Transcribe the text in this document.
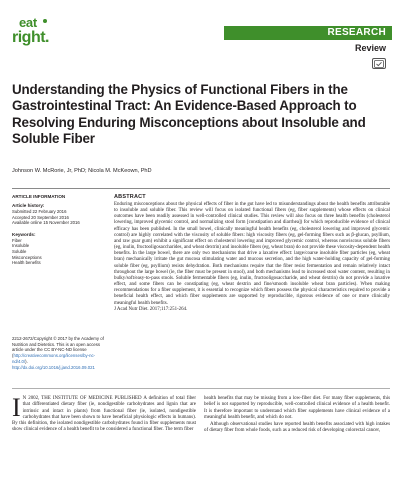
eat
right.	RESEARCH
Review
Understanding the Physics of Functional Fibers in the Gastrointestinal Tract: An Evidence-Based Approach to Resolving Enduring Misconceptions about Insoluble and Soluble Fiber
Johnson W. McRorie, Jr, PhD; Nicola M. McKeown, PhD
ARTICLE INFORMATION
Article history:
Submitted 22 February 2016
Accepted 20 September 2016
Available online 15 November 2016
Keywords:
Fiber
Insoluble
Soluble
Misconceptions
Health benefits
2212-2672/Copyright © 2017 by the Academy of Nutrition and Dietetics. This is an open access article under the CC BY-NC-ND license (http://creativecommons.org/licenses/by-nc-nd/4.0/).
http://dx.doi.org/10.1016/j.jand.2016.09.021
ABSTRACT
Enduring misconceptions about the physical effects of fiber in the gut have led to misunderstandings about the health benefits attributable to insoluble and soluble fiber. This review will focus on isolated functional fibers (eg, fiber supplements) whose effects on clinical outcomes have been readily assessed in well-controlled clinical studies. This review will also focus on three health benefits (cholesterol lowering, improved glycemic control, and normalizing stool form [constipation and diarrhea]) for which reproducible evidence of clinical efficacy has been published. In the small bowel, clinically meaningful health benefits (eg, cholesterol lowering and improved glycemic control) are highly correlated with the viscosity of soluble fibers: high viscosity fibers (eg, gel-forming fibers such as β-glucan, psyllium, and raw guar gum) exhibit a significant effect on cholesterol lowering and improved glycemic control, whereas nonviscous soluble fibers (eg, inulin, fructooligosaccharides, and wheat dextrin) and insoluble fibers (eg, wheat bran) do not provide these viscosity-dependent health benefits. In the large bowel, there are only two mechanisms that drive a laxative effect: large/coarse insoluble fiber particles (eg, wheat bran) mechanically irritate the gut mucosa stimulating water and mucous secretion, and the high water-holding capacity of gel-forming soluble fiber (eg, psyllium) resists dehydration. Both mechanisms require that the fiber resist fermentation and remain relatively intact throughout the large bowel (ie, the fiber must be present in stool), and both mechanisms lead to increased stool water content, resulting in bulky/soft/easy-to-pass stools. Soluble fermentable fibers (eg, inulin, fructooligosaccharide, and wheat dextrin) do not provide a laxative effect, and some fibers can be constipating (eg, wheat dextrin and fine/smooth insoluble wheat bran particles). When making recommendations for a fiber supplement, it is essential to recognize which fibers possess the physical characteristics required to provide a beneficial health effect, and which fiber supplements are supported by reproducible, rigorous evidence of one or more clinically meaningful health benefits.
J Acad Nutr Diet. 2017;117:251-264.
I N 2002, THE INSTITUTE OF MEDICINE PUBLISHED A definition of total fiber that differentiated dietary fiber (ie, nondigestible carbohydrates and lignin that are intrinsic and intact in plants) from functional fiber (ie, isolated, nondigestible carbohydrates that have been shown to have beneficial physiologic effects in humans). By this definition, the isolated nondigestible carbohydrates found in fiber supplements must show clinical evidence of a health benefit to be considered a functional fiber. The term fiber

health benefits that may be missing from a low-fiber diet. For many fiber supplements, this belief is not supported by reproducible, well-controlled clinical evidence of a health benefit. It is therefore important to understand which fiber supplements have clinical evidence of a meaningful health benefit, and which do not.

Although observational studies have reported health benefits associated with high intakes of dietary fiber from whole foods, such as a reduced risk of developing colorectal cancer,
